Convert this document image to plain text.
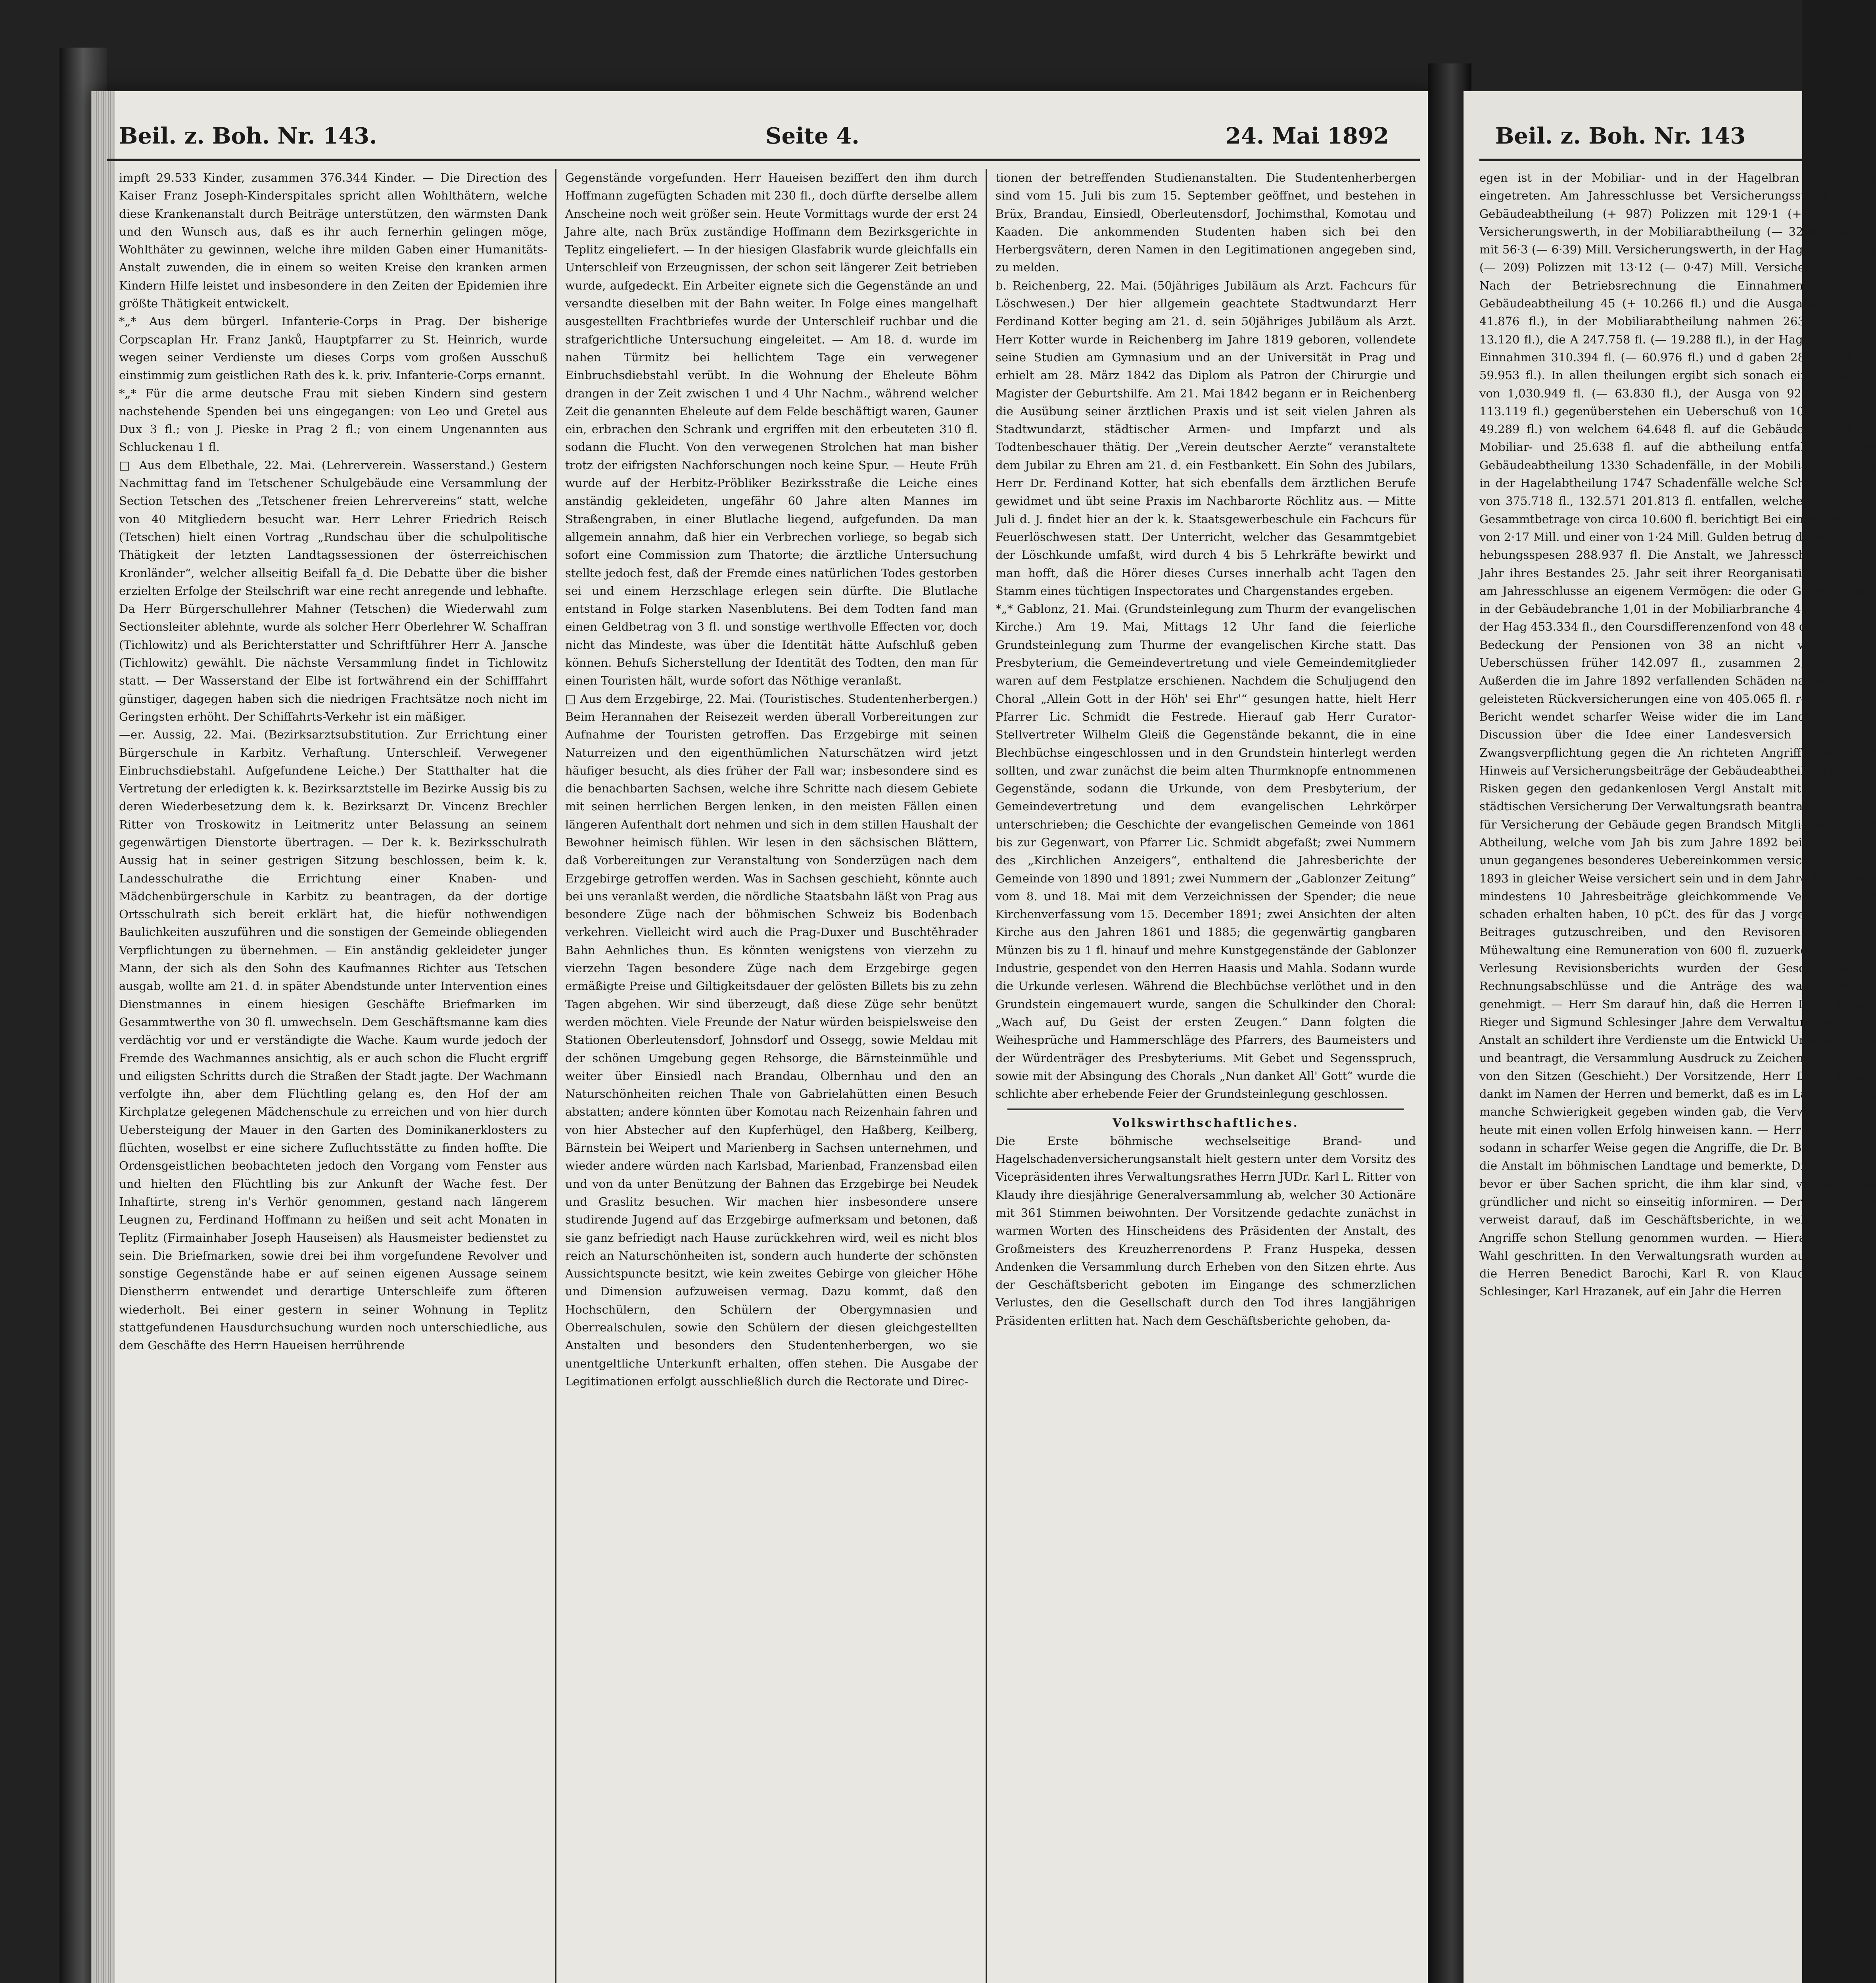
Beil. z. Boh. Nr. 143.	Seite 4.	24. Mai 1892

impft 29.533 Kinder, zusammen 376.344 Kinder. — Die Direction des Kaiser Franz Joseph-Kinderspitales spricht allen Wohlthätern, welche diese Krankenanstalt durch Beiträge unterstützen, den wärmsten Dank und den Wunsch aus, daß es ihr auch fernerhin gelingen möge, Wohlthäter zu gewinnen, welche ihre milden Gaben einer Humanitäts-Anstalt zuwenden, die in einem so weiten Kreise den kranken armen Kindern Hilfe leistet und insbesondere in den Zeiten der Epidemien ihre größte Thätigkeit entwickelt.

*„* Aus dem bürgerl. Infanterie-Corps in Prag. Der bisherige Corpscaplan Hr. Franz Janků, Hauptpfarrer zu St. Heinrich, wurde wegen seiner Verdienste um dieses Corps vom großen Ausschuß einstimmig zum geistlichen Rath des k. k. priv. Infanterie-Corps ernannt.

*„* Für die arme deutsche Frau mit sieben Kindern sind gestern nachstehende Spenden bei uns eingegangen: von Leo und Gretel aus Dux 3 fl.; von J. Pieske in Prag 2 fl.; von einem Ungenannten aus Schluckenau 1 fl.

□ Aus dem Elbethale, 22. Mai. (Lehrerverein. Wasserstand.) Gestern Nachmittag fand im Tetschener Schulgebäude eine Versammlung der Section Tetschen des „Tetschener freien Lehrervereins“ statt, welche von 40 Mitgliedern besucht war. Herr Lehrer Friedrich Reisch (Tetschen) hielt einen Vortrag „Rundschau über die schulpolitische Thätigkeit der letzten Landtagssessionen der österreichischen Kronländer“, welcher allseitig Beifall fa_d. Die Debatte über die bisher erzielten Erfolge der Steilschrift war eine recht anregende und lebhafte. Da Herr Bürgerschullehrer Mahner (Tetschen) die Wiederwahl zum Sectionsleiter ablehnte, wurde als solcher Herr Oberlehrer W. Schaffran (Tichlowitz) und als Berichterstatter und Schriftführer Herr A. Jansche (Tichlowitz) gewählt. Die nächste Versammlung findet in Tichlowitz statt. — Der Wasserstand der Elbe ist fortwährend ein der Schifffahrt günstiger, dagegen haben sich die niedrigen Frachtsätze noch nicht im Geringsten erhöht. Der Schiffahrts-Verkehr ist ein mäßiger.

—er. Aussig, 22. Mai. (Bezirksarztsubstitution. Zur Errichtung einer Bürgerschule in Karbitz. Verhaftung. Unterschleif. Verwegener Einbruchsdiebstahl. Aufgefundene Leiche.) Der Statthalter hat die Vertretung der erledigten k. k. Bezirksarztstelle im Bezirke Aussig bis zu deren Wiederbesetzung dem k. k. Bezirksarzt Dr. Vincenz Brechler Ritter von Troskowitz in Leitmeritz unter Belassung an seinem gegenwärtigen Dienstorte übertragen. — Der k. k. Bezirksschulrath Aussig hat in seiner gestrigen Sitzung beschlossen, beim k. k. Landesschulrathe die Errichtung einer Knaben- und Mädchenbürgerschule in Karbitz zu beantragen, da der dortige Ortsschulrath sich bereit erklärt hat, die hiefür nothwendigen Baulichkeiten auszuführen und die sonstigen der Gemeinde obliegenden Verpflichtungen zu übernehmen. — Ein anständig gekleideter junger Mann, der sich als den Sohn des Kaufmannes Richter aus Tetschen ausgab, wollte am 21. d. in später Abendstunde unter Intervention eines Dienstmannes in einem hiesigen Geschäfte Briefmarken im Gesammtwerthe von 30 fl. umwechseln. Dem Geschäftsmanne kam dies verdächtig vor und er verständigte die Wache. Kaum wurde jedoch der Fremde des Wachmannes ansichtig, als er auch schon die Flucht ergriff und eiligsten Schritts durch die Straßen der Stadt jagte. Der Wachmann verfolgte ihn, aber dem Flüchtling gelang es, den Hof der am Kirchplatze gelegenen Mädchenschule zu erreichen und von hier durch Uebersteigung der Mauer in den Garten des Dominikanerklosters zu flüchten, woselbst er eine sichere Zufluchtsstätte zu finden hoffte. Die Ordensgeistlichen beobachteten jedoch den Vorgang vom Fenster aus und hielten den Flüchtling bis zur Ankunft der Wache fest. Der Inhaftirte, streng in's Verhör genommen, gestand nach längerem Leugnen zu, Ferdinand Hoffmann zu heißen und seit acht Monaten in Teplitz (Firmainhaber Joseph Hauseisen) als Hausmeister bedienstet zu sein. Die Briefmarken, sowie drei bei ihm vorgefundene Revolver und sonstige Gegenstände habe er auf seinen eigenen Aussage seinem Dienstherrn entwendet und derartige Unterschleife zum öfteren wiederholt. Bei einer gestern in seiner Wohnung in Teplitz stattgefundenen Hausdurchsuchung wurden noch unterschiedliche, aus dem Geschäfte des Herrn Haueisen herrührende

Gegenstände vorgefunden. Herr Haueisen beziffert den ihm durch Hoffmann zugefügten Schaden mit 230 fl., doch dürfte derselbe allem Anscheine noch weit größer sein. Heute Vormittags wurde der erst 24 Jahre alte, nach Brüx zuständige Hoffmann dem Bezirksgerichte in Teplitz eingeliefert. — In der hiesigen Glasfabrik wurde gleichfalls ein Unterschleif von Erzeugnissen, der schon seit längerer Zeit betrieben wurde, aufgedeckt. Ein Arbeiter eignete sich die Gegenstände an und versandte dieselben mit der Bahn weiter. In Folge eines mangelhaft ausgestellten Frachtbriefes wurde der Unterschleif ruchbar und die strafgerichtliche Untersuchung eingeleitet. — Am 18. d. wurde im nahen Türmitz bei hellichtem Tage ein verwegener Einbruchsdiebstahl verübt. In die Wohnung der Eheleute Böhm drangen in der Zeit zwischen 1 und 4 Uhr Nachm., während welcher Zeit die genannten Eheleute auf dem Felde beschäftigt waren, Gauner ein, erbrachen den Schrank und ergriffen mit den erbeuteten 310 fl. sodann die Flucht. Von den verwegenen Strolchen hat man bisher trotz der eifrigsten Nachforschungen noch keine Spur. — Heute Früh wurde auf der Herbitz-Pröbliker Bezirksstraße die Leiche eines anständig gekleideten, ungefähr 60 Jahre alten Mannes im Straßengraben, in einer Blutlache liegend, aufgefunden. Da man allgemein annahm, daß hier ein Verbrechen vorliege, so begab sich sofort eine Commission zum Thatorte; die ärztliche Untersuchung stellte jedoch fest, daß der Fremde eines natürlichen Todes gestorben sei und einem Herzschlage erlegen sein dürfte. Die Blutlache entstand in Folge starken Nasenblutens. Bei dem Todten fand man einen Geldbetrag von 3 fl. und sonstige werthvolle Effecten vor, doch nicht das Mindeste, was über die Identität hätte Aufschluß geben können. Behufs Sicherstellung der Identität des Todten, den man für einen Touristen hält, wurde sofort das Nöthige veranlaßt.

□ Aus dem Erzgebirge, 22. Mai. (Touristisches. Studentenherbergen.) Beim Herannahen der Reisezeit werden überall Vorbereitungen zur Aufnahme der Touristen getroffen. Das Erzgebirge mit seinen Naturreizen und den eigenthümlichen Naturschätzen wird jetzt häufiger besucht, als dies früher der Fall war; insbesondere sind es die benachbarten Sachsen, welche ihre Schritte nach diesem Gebiete mit seinen herrlichen Bergen lenken, in den meisten Fällen einen längeren Aufenthalt dort nehmen und sich in dem stillen Haushalt der Bewohner heimisch fühlen. Wir lesen in den sächsischen Blättern, daß Vorbereitungen zur Veranstaltung von Sonderzügen nach dem Erzgebirge getroffen werden. Was in Sachsen geschieht, könnte auch bei uns veranlaßt werden, die nördliche Staatsbahn läßt von Prag aus besondere Züge nach der böhmischen Schweiz bis Bodenbach verkehren. Vielleicht wird auch die Prag-Duxer und Buschtěhrader Bahn Aehnliches thun. Es könnten wenigstens von vierzehn zu vierzehn Tagen besondere Züge nach dem Erzgebirge gegen ermäßigte Preise und Giltigkeitsdauer der gelösten Billets bis zu zehn Tagen abgehen. Wir sind überzeugt, daß diese Züge sehr benützt werden möchten. Viele Freunde der Natur würden beispielsweise den Stationen Oberleutensdorf, Johnsdorf und Ossegg, sowie Meldau mit der schönen Umgebung gegen Rehsorge, die Bärnsteinmühle und weiter über Einsiedl nach Brandau, Olbernhau und den an Naturschönheiten reichen Thale von Gabrielahütten einen Besuch abstatten; andere könnten über Komotau nach Reizenhain fahren und von hier Abstecher auf den Kupferhügel, den Haßberg, Keilberg, Bärnstein bei Weipert und Marienberg in Sachsen unternehmen, und wieder andere würden nach Karlsbad, Marienbad, Franzensbad eilen und von da unter Benützung der Bahnen das Erzgebirge bei Neudek und Graslitz besuchen. Wir machen hier insbesondere unsere studirende Jugend auf das Erzgebirge aufmerksam und betonen, daß sie ganz befriedigt nach Hause zurückkehren wird, weil es nicht blos reich an Naturschönheiten ist, sondern auch hunderte der schönsten Aussichtspuncte besitzt, wie kein zweites Gebirge von gleicher Höhe und Dimension aufzuweisen vermag. Dazu kommt, daß den Hochschülern, den Schülern der Obergymnasien und Oberrealschulen, sowie den Schülern der diesen gleichgestellten Anstalten und besonders den Studentenherbergen, wo sie unentgeltliche Unterkunft erhalten, offen stehen. Die Ausgabe der Legitimationen erfolgt ausschließlich durch die Rectorate und Direc-

tionen der betreffenden Studienanstalten. Die Studentenherbergen sind vom 15. Juli bis zum 15. September geöffnet, und bestehen in Brüx, Brandau, Einsiedl, Oberleutensdorf, Jochimsthal, Komotau und Kaaden. Die ankommenden Studenten haben sich bei den Herbergsvätern, deren Namen in den Legitimationen angegeben sind, zu melden.

b. Reichenberg, 22. Mai. (50jähriges Jubiläum als Arzt. Fachcurs für Löschwesen.) Der hier allgemein geachtete Stadtwundarzt Herr Ferdinand Kotter beging am 21. d. sein 50jähriges Jubiläum als Arzt. Herr Kotter wurde in Reichenberg im Jahre 1819 geboren, vollendete seine Studien am Gymnasium und an der Universität in Prag und erhielt am 28. März 1842 das Diplom als Patron der Chirurgie und Magister der Geburtshilfe. Am 21. Mai 1842 begann er in Reichenberg die Ausübung seiner ärztlichen Praxis und ist seit vielen Jahren als Stadtwundarzt, städtischer Armen- und Impfarzt und als Todtenbeschauer thätig. Der „Verein deutscher Aerzte“ veranstaltete dem Jubilar zu Ehren am 21. d. ein Festbankett. Ein Sohn des Jubilars, Herr Dr. Ferdinand Kotter, hat sich ebenfalls dem ärztlichen Berufe gewidmet und übt seine Praxis im Nachbarorte Röchlitz aus. — Mitte Juli d. J. findet hier an der k. k. Staatsgewerbeschule ein Fachcurs für Feuerlöschwesen statt. Der Unterricht, welcher das Gesammtgebiet der Löschkunde umfaßt, wird durch 4 bis 5 Lehrkräfte bewirkt und man hofft, daß die Hörer dieses Curses innerhalb acht Tagen den Stamm eines tüchtigen Inspectorates und Chargenstandes ergeben.

*„* Gablonz, 21. Mai. (Grundsteinlegung zum Thurm der evangelischen Kirche.) Am 19. Mai, Mittags 12 Uhr fand die feierliche Grundsteinlegung zum Thurme der evangelischen Kirche statt. Das Presbyterium, die Gemeindevertretung und viele Gemeindemitglieder waren auf dem Festplatze erschienen. Nachdem die Schuljugend den Choral „Allein Gott in der Höh' sei Ehr'“ gesungen hatte, hielt Herr Pfarrer Lic. Schmidt die Festrede. Hierauf gab Herr Curator-Stellvertreter Wilhelm Gleiß die Gegenstände bekannt, die in eine Blechbüchse eingeschlossen und in den Grundstein hinterlegt werden sollten, und zwar zunächst die beim alten Thurmknopfe entnommenen Gegenstände, sodann die Urkunde, von dem Presbyterium, der Gemeindevertretung und dem evangelischen Lehrkörper unterschrieben; die Geschichte der evangelischen Gemeinde von 1861 bis zur Gegenwart, von Pfarrer Lic. Schmidt abgefaßt; zwei Nummern des „Kirchlichen Anzeigers“, enthaltend die Jahresberichte der Gemeinde von 1890 und 1891; zwei Nummern der „Gablonzer Zeitung“ vom 8. und 18. Mai mit dem Verzeichnissen der Spender; die neue Kirchenverfassung vom 15. December 1891; zwei Ansichten der alten Kirche aus den Jahren 1861 und 1885; die gegenwärtig gangbaren Münzen bis zu 1 fl. hinauf und mehre Kunstgegenstände der Gablonzer Industrie, gespendet von den Herren Haasis und Mahla. Sodann wurde die Urkunde verlesen. Während die Blechbüchse verlöthet und in den Grundstein eingemauert wurde, sangen die Schulkinder den Choral: „Wach auf, Du Geist der ersten Zeugen.“ Dann folgten die Weihesprüche und Hammerschläge des Pfarrers, des Baumeisters und der Würdenträger des Presbyteriums. Mit Gebet und Segensspruch, sowie mit der Absingung des Chorals „Nun danket All' Gott“ wurde die schlichte aber erhebende Feier der Grundsteinlegung geschlossen.

Volkswirthschaftliches.

Die Erste böhmische wechselseitige Brand- und Hagelschadenversicherungsanstalt hielt gestern unter dem Vorsitz des Vicepräsidenten ihres Verwaltungsrathes Herrn JUDr. Karl L. Ritter von Klaudy ihre diesjährige Generalversammlung ab, welcher 30 Actionäre mit 361 Stimmen beiwohnten. Der Vorsitzende gedachte zunächst in warmen Worten des Hinscheidens des Präsidenten der Anstalt, des Großmeisters des Kreuzherrenordens P. Franz Huspeka, dessen Andenken die Versammlung durch Erheben von den Sitzen ehrte. Aus der Geschäftsbericht geboten im Eingange des schmerzlichen Verlustes, den die Gesellschaft durch den Tod ihres langjährigen Präsidenten erlitten hat. Nach dem Geschäftsberichte gehoben, da-

Beil. z. Boh. Nr. 143

egen ist in der Mobiliar- und in der Hagelbran Rückschlag eingetreten. Am Jahresschlusse bet Versicherungsstand in der Gebäudeabtheilung (+ 987) Polizzen mit 129·1 (+ 3·13) Mill. Versicherungswerth, in der Mobiliarabtheilung (— 3294) Polizzen mit 56·3 (— 6·39) Mill. Versicherungswerth, in der Hagelabtheilung (— 209) Polizzen mit 13·12 (— 0·47) Mill. Versicherungswerth. Nach der Betriebsrechnung die Einnahmen in der Gebäudeabtheilung 45 (+ 10.266 fl.) und die Ausgaben 392 (— 41.876 fl.), in der Mobiliarabtheilung nahmen 263.574 fl. (— 13.120 fl.), die A 247.758 fl. (— 19.288 fl.), in der Hagelabtheilung Einnahmen 310.394 fl. (— 60.976 fl.) und d gaben 284.757 fl. (— 59.953 fl.). In allen theilungen ergibt sich sonach eine Gesammt von 1,030.949 fl. (— 63.830 fl.), der Ausga von 929.847 fl. (— 113.119 fl.) gegenüberstehen ein Ueberschuß von 106.102 fl. (— 49.289 fl.) von welchem 64.648 fl. auf die Gebäude-, 1 auf die Mobiliar- und 25.638 fl. auf die abtheilung entfallen. In der Gebäudeabtheilung 1330 Schadenfälle, in der Mobiliarabtheilung in der Hagelabtheilung 1747 Schadenfälle welche Schadenersätze von 375.718 fl., 132.571 201.813 fl. entfallen, welche drei Posten Gesammtbetrage von circa 10.600 fl. berichtigt Bei einem Umsatze von 2·17 Mill. und einer von 1·24 Mill. Gulden betrug die Regie und hebungsspesen 288.937 fl. Die Anstalt, we Jahresschluß das 64. Jahr ihres Bestandes 25. Jahr seit ihrer Reorganisation vollendet am Jahresschlusse an eigenem Vermögen: die oder Garantiefonde in der Gebäudebranche 1,01 in der Mobiliarbranche 451.997 fl., in der Hag 453.334 fl., den Coursdifferenzenfond von 48 den Fond zur Bedeckung der Pensionen von 38 an nicht verbrauchten Ueberschüssen früher 142.097 fl., zusammen 2,488.686 fl. Außerden die im Jahre 1892 verfallenden Schäden na der bereits geleisteten Rückversicherungen eine von 405.065 fl. reservirt. Der Bericht wendet scharfer Weise wider die im Landtage anläßl Discussion über die Idee einer Landesversich anstalt mit Zwangsverpflichtung gegen die An richteten Angriffe und unter Hinweis auf Versicherungsbeiträge der Gebäudeabtheilung heit der Risken gegen den gedankenlosen Vergl Anstalt mit der Prager städtischen Versicherung Der Verwaltungsrath beantragt, in der An für Versicherung der Gebäude gegen Brandsch Mitgliedern dieser Abtheilung, welche vom Jah bis zum Jahre 1892 bei der Anstalt unun gegangenes besonderes Uebereinkommen versicher im Jahre 1893 in gleicher Weise versichert sein und in dem Jahre 1891 keine mindestens 10 Jahresbeiträge gleichkommende Vergütung für schaden erhalten haben, 10 pCt. des für das J vorgeschriebenen Beitrages gutzuschreiben, und den Revisoren für ihre Mühewaltung eine Remuneration von 600 fl. zuzuerkennen. Nach Verlesung Revisionsberichts wurden der Geschäftsbericht Rechnungsabschlüsse und die Anträge des waltungsrathes genehmigt. — Herr Sm darauf hin, daß die Herren Dr. v. Klaudy Rieger und Sigmund Schlesinger Jahre dem Verwaltungsrathe der Anstalt an schildert ihre Verdienste um die Entwickl Unternehmens und beantragt, die Versammlung Ausdruck zu Zeichen des Dankes von den Sitzen (Geschieht.) Der Vorsitzende, Herr Dr. v. Klaudy dankt im Namen der Herren und bemerkt, daß es im Laufe der Zeit manche Schwierigkeit gegeben winden gab, die Verwaltung aber heute mit einen vollen Erfolg hinweisen kann. — Herr wendet sich sodann in scharfer Weise gegen die Angriffe, die Dr. Bojatys gegen die Anstalt im böhmischen Landtage und bemerkte, Dr. sollte sich, bevor er über Sachen spricht, die ihm klar sind, vorher etwas gründlicher und nicht so einseitig informiren. — Der Vorsitzende verweist darauf, daß im Geschäftsberichte, in welchem diese Angriffe schon Stellung genommen wurden. — Hierauf wird zur Wahl geschritten. In den Verwaltungsrath wurden auf drei Jahre die Herren Benedict Barochi, Karl R. von Klaudy, Sigmund Schlesinger, Karl Hrazanek, auf ein Jahr die Herren
